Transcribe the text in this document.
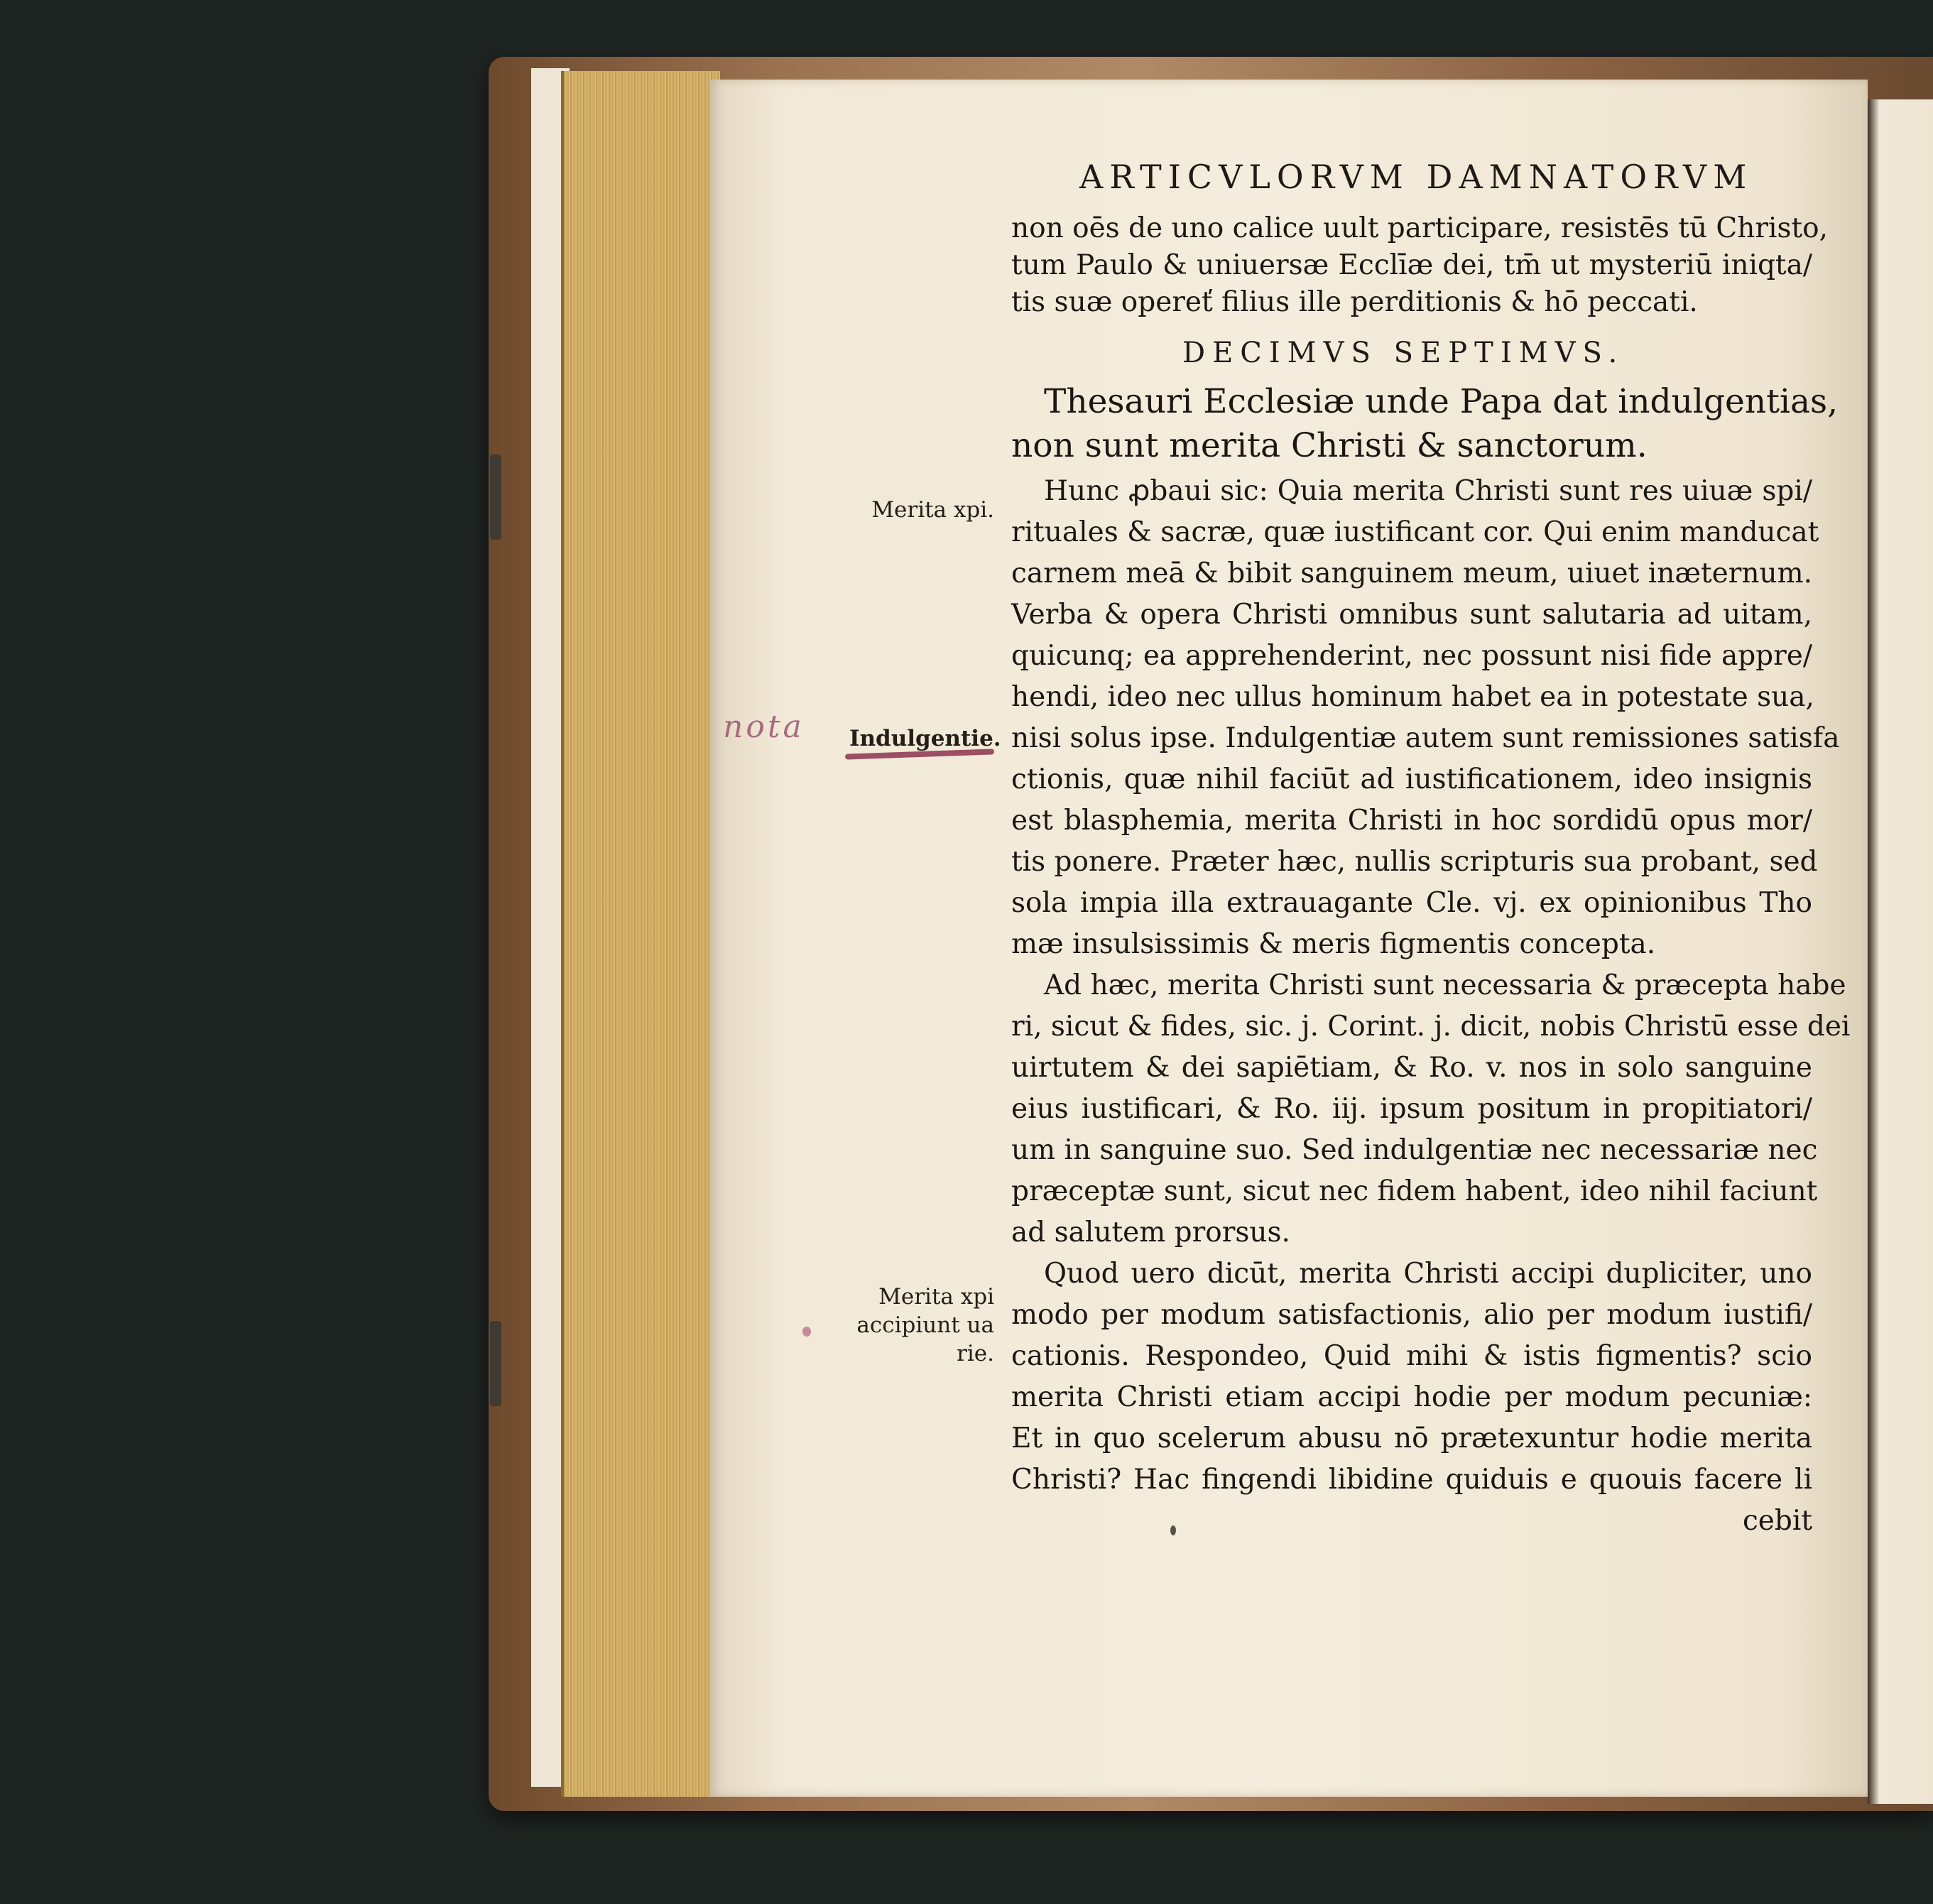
ARTICVLORVM DAMNATORVM
non oēs de uno calice uult participare, resistēs tū Christo,
tum Paulo & uniuersæ Ecclīæ dei, tm̄ ut mysteriū iniqta/
tis suæ opereť filius ille perditionis & hō peccati.
DECIMVS SEPTIMVS.
Thesauri Ecclesiæ unde Papa dat indulgentias,
non sunt merita Christi & sanctorum.
Hunc ꝓbaui sic: Quia merita Christi sunt res uiuæ spi/
rituales & sacræ, quæ iustificant cor. Qui enim manducat
carnem meā & bibit sanguinem meum, uiuet inæternum.
Verba & opera Christi omnibus sunt salutaria ad uitam,
quicunq; ea apprehenderint, nec possunt nisi fide appre/
hendi, ideo nec ullus hominum habet ea in potestate sua,
nisi solus ipse. Indulgentiæ autem sunt remissiones satisfa
ctionis, quæ nihil faciūt ad iustificationem, ideo insignis
est blasphemia, merita Christi in hoc sordidū opus mor/
tis ponere. Præter hæc, nullis scripturis sua probant, sed
sola impia illa extrauagante Cle. vj. ex opinionibus Tho
mæ insulsissimis & meris figmentis concepta.
Ad hæc, merita Christi sunt necessaria & præcepta habe
ri, sicut & fides, sic. j. Corint. j. dicit, nobis Christū esse dei
uirtutem & dei sapiētiam, & Ro. v. nos in solo sanguine
eius iustificari, & Ro. iij. ipsum positum in propitiatori/
um in sanguine suo. Sed indulgentiæ nec necessariæ nec
præceptæ sunt, sicut nec fidem habent, ideo nihil faciunt
ad salutem prorsus.
Quod uero dicūt, merita Christi accipi dupliciter, uno
modo per modum satisfactionis, alio per modum iustifi/
cationis. Respondeo, Quid mihi & istis figmentis? scio
merita Christi etiam accipi hodie per modum pecuniæ:
Et in quo scelerum abusu nō prætexuntur hodie merita
Christi? Hac fingendi libidine quiduis e quouis facere li
cebit
Merita xpi.
Indulgentie.
nota
Merita xpi
accipiunt ua
rie.
